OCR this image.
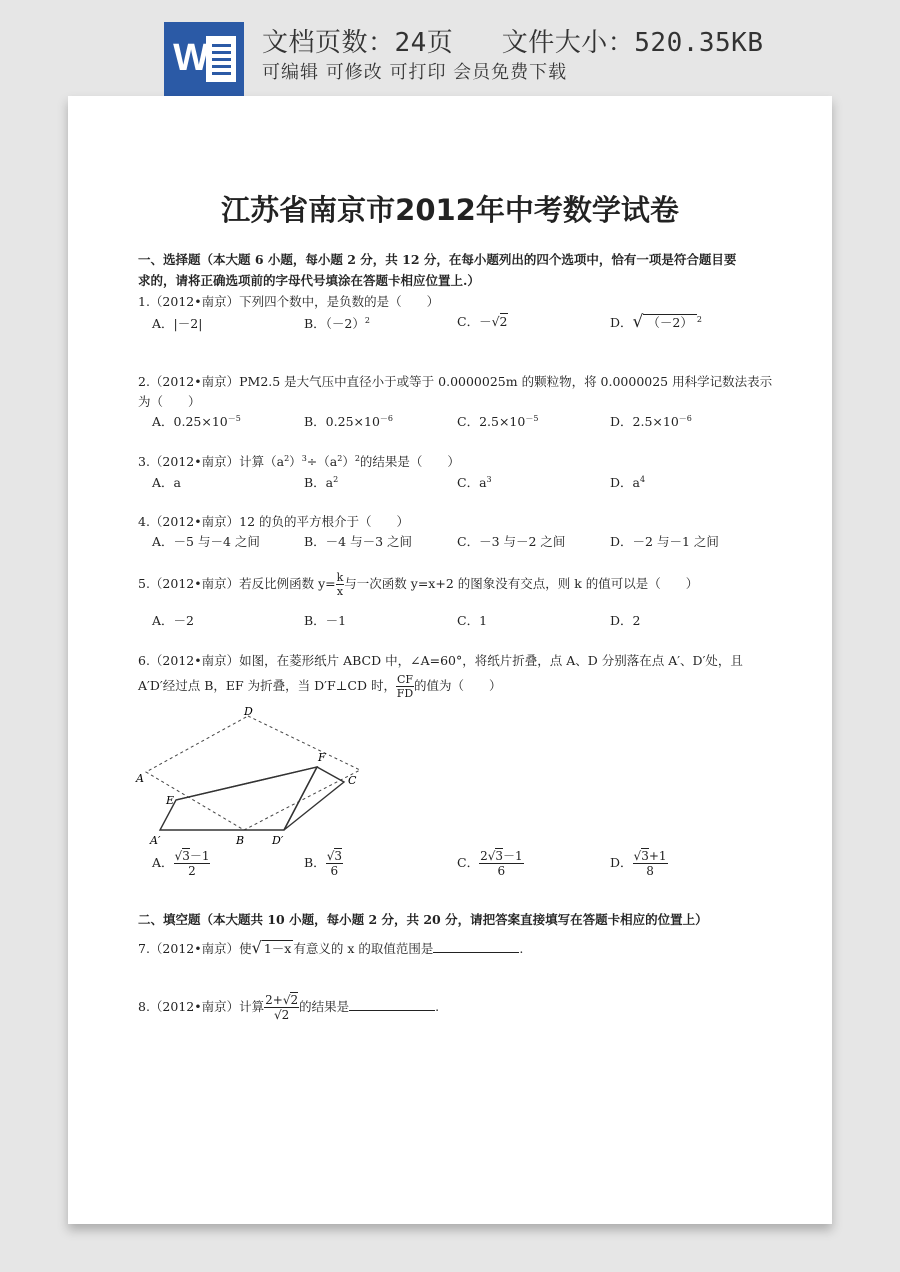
W 文档页数：24页   文件大小：520.35KB
可编辑 可修改 可打印 会员免费下载
江苏省南京市2012年中考数学试卷
一、选择题（本大题 6 小题，每小题 2 分，共 12 分，在每小题列出的四个选项中，恰有一项是符合题目要
求的，请将正确选项前的字母代号填涂在答题卡相应位置上.）
1.（2012•南京）下列四个数中，是负数的是（　　）
A．|－2|	B．$(-2)^2$	C．－√2	D．√ （－2） $^2$
2.（2012•南京）PM2.5 是大气压中直径小于或等于 0.0000025m 的颗粒物，将 0.0000025 用科学记数法表示
为（　　）
A．$0.25\times 10^{-5}$	B．$0.25\times 10^{-6}$	C．$2.5\times 10^{-5}$	D．$2.5\times 10^{-6}$
3.（2012•南京）计算$(a^2)^3\div(a^2)^2$的结果是（　　）
A．a	B．$a^2$	C．$a^3$	D．$a^4$
4.（2012•南京）12 的负的平方根介于（　　）
A．－5 与－4 之间	B．－4 与－3 之间	C．－3 与－2 之间	D．－2 与－1 之间
5.（2012•南京）若反比例函数 $y= \frac{k}{x}$ 与一次函数 y=x+2 的图象没有交点，则 k 的值可以是（　　）
A．－2	B．－1	C．1	D．2
6.（2012•南京）如图，在菱形纸片 ABCD 中，∠A=60°，将纸片折叠，点 A、D 分别落在点 A′、D′处，且
A′D′经过点 B，EF 为折叠，当 D′F⊥CD 时， $\frac{CF}{FD}$ 的值为（　　）
D
F
A	C
E
A′	B	D′
A． $\frac{√3-1}{2}$	B． $\frac{√3}{6}$	C． $\frac{2√3-1}{6}$	D． $\frac{√3+1}{8}$
二、填空题（本大题共 10 小题，每小题 2 分，共 20 分，请把答案直接填写在答题卡相应的位置上）
7.（2012•南京）使√ 1－x 有意义的 x 的取值范围是	.
8.（2012•南京）计算 $\frac{2+√2}{√2}$ 的结果是	.
